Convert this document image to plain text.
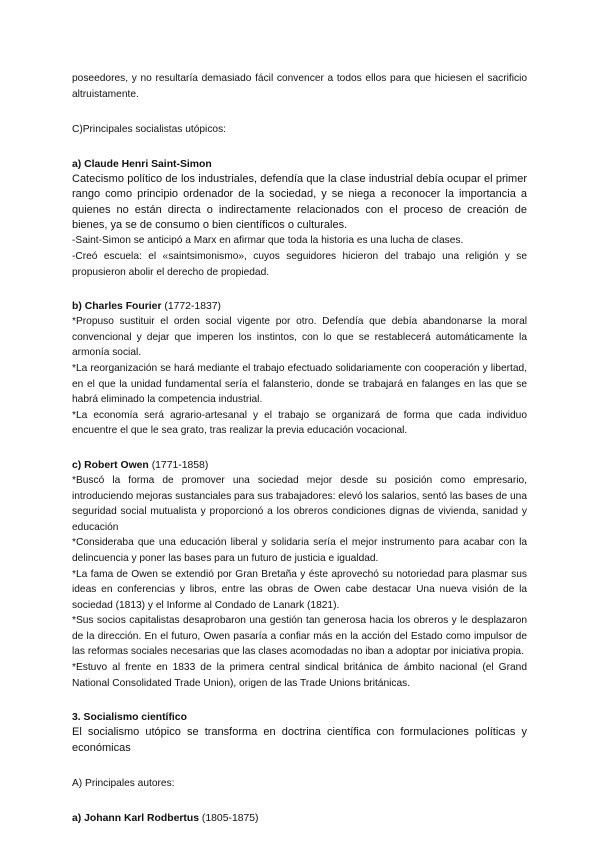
poseedores, y no resultaría demasiado fácil convencer a todos ellos para que hiciesen el sacrificio altruistamente.

C)Principales socialistas utópicos:

a) Claude Henri Saint-Simon

Catecismo político de los industriales, defendía que la clase industrial debía ocupar el primer rango como principio ordenador de la sociedad, y se niega a reconocer la importancia a quienes no están directa o indirectamente relacionados con el proceso de creación de bienes, ya se de consumo o bien científicos o culturales.

-Saint-Simon se anticipó a Marx en afirmar que toda la historia es una lucha de clases.

-Creó escuela: el «saintsimonismo», cuyos seguidores hicieron del trabajo una religión y se propusieron abolir el derecho de propiedad.

b) Charles Fourier (1772-1837)

*Propuso sustituir el orden social vigente por otro. Defendía que debía abandonarse la moral convencional y dejar que imperen los instintos, con lo que se restablecerá automáticamente la armonía social.

*La reorganización se hará mediante el trabajo efectuado solidariamente con cooperación y libertad, en el que la unidad fundamental sería el falansterio, donde se trabajará en falanges en las que se habrá eliminado la competencia industrial.

*La economía será agrario-artesanal y el trabajo se organizará de forma que cada individuo encuentre el que le sea grato, tras realizar la previa educación vocacional.

c) Robert Owen (1771-1858)

*Buscó la forma de promover una sociedad mejor desde su posición como empresario, introduciendo mejoras sustanciales para sus trabajadores: elevó los salarios, sentó las bases de una seguridad social mutualista y proporcionó a los obreros condiciones dignas de vivienda, sanidad y educación

*Consideraba que una educación liberal y solidaria sería el mejor instrumento para acabar con la delincuencia y poner las bases para un futuro de justicia e igualdad.

*La fama de Owen se extendió por Gran Bretaña y éste aprovechó su notoriedad para plasmar sus ideas en conferencias y libros, entre las obras de Owen cabe destacar Una nueva visión de la sociedad (1813) y el Informe al Condado de Lanark (1821).

*Sus socios capitalistas desaprobaron una gestión tan generosa hacia los obreros y le desplazaron de la dirección. En el futuro, Owen pasaría a confiar más en la acción del Estado como impulsor de las reformas sociales necesarias que las clases acomodadas no iban a adoptar por iniciativa propia.

*Estuvo al frente en 1833 de la primera central sindical británica de ámbito nacional (el Grand National Consolidated Trade Union), origen de las Trade Unions británicas.

3. Socialismo científico

El socialismo utópico se transforma en doctrina científica con formulaciones políticas y económicas

A) Principales autores:

a) Johann Karl Rodbertus (1805-1875)
